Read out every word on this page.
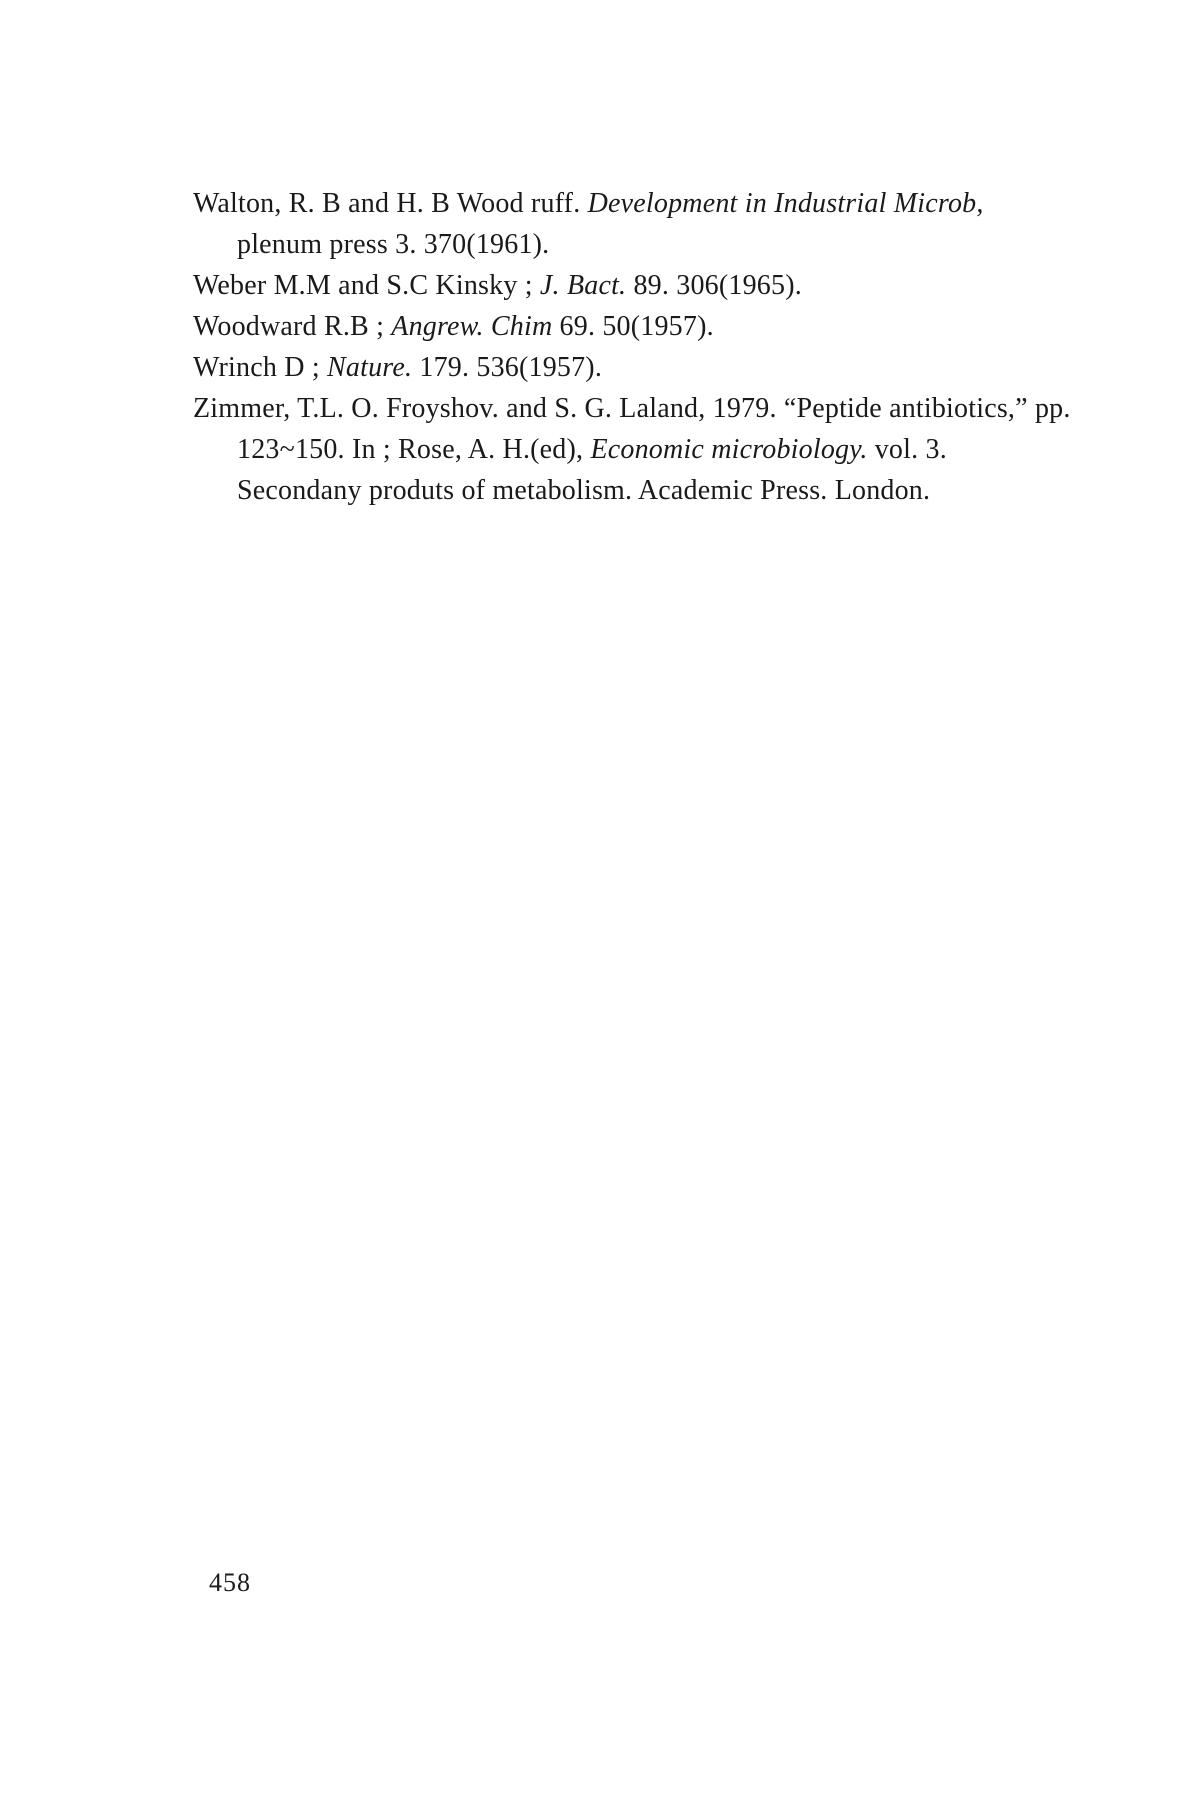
Walton, R. B and H. B Wood ruff. Development in Industrial Microb, plenum press 3. 370(1961).
Weber M.M and S.C Kinsky ; J. Bact. 89. 306(1965).
Woodward R.B ; Angrew. Chim 69. 50(1957).
Wrinch D ; Nature. 179. 536(1957).
Zimmer, T.L. O. Froyshov. and S. G. Laland, 1979. “Peptide antibiotics,” pp. 123~150. In ; Rose, A. H.(ed), Economic microbiology. vol. 3. Secondany produts of metabolism. Academic Press. London.
458
